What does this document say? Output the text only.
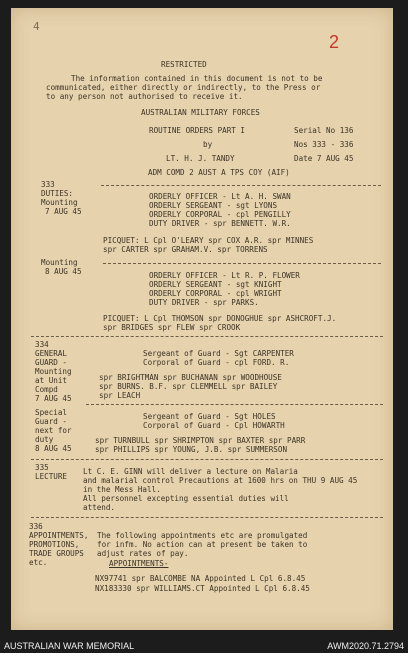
4
2
RESTRICTED
The information contained in this document is not to be
communicated, either directly or indirectly, to the Press or
to any person not authorised to receive it.
AUSTRALIAN MILITARY FORCES
ROUTINE ORDERS PART I	Serial No 136
by	Nos 333 - 336
LT. H. J. TANDY	Date 7 AUG 45
ADM COMD 2 AUST A TPS COY (AIF)
333
DUTIES:
Mounting
7 AUG 45
ORDERLY OFFICER - Lt A. H. SWAN
ORDERLY SERGEANT - sgt LYONS
ORDERLY CORPORAL - cpl PENGILLY
DUTY DRIVER - spr BENNETT. W.R.
PICQUET: L Cpl O'LEARY spr COX A.R. spr MINNES
spr CARTER spr GRAHAM.V. spr TORRENS
Mounting
8 AUG 45	ORDERLY OFFICER - Lt R. P. FLOWER
ORDERLY SERGEANT - sgt KNIGHT
ORDERLY CORPORAL - cpl WRIGHT
DUTY DRIVER - spr PARKS.
PICQUET: L Cpl THOMSON spr DONOGHUE spr ASHCROFT.J.
spr BRIDGES spr FLEW spr CROOK
334
GENERAL
GUARD -
Mounting
at Unit
Compd
7 AUG 45
Sergeant of Guard - Sgt CARPENTER
Corporal of Guard - cpl FORD. R.
spr BRIGHTMAN spr BUCHANAN spr WOODHOUSE
spr BURNS. B.F. spr CLEMMELL spr BAILEY
spr LEACH
Special
Guard -
next for
duty
8 AUG 45
Sergeant of Guard - Sgt HOLES
Corporal of Guard - Cpl HOWARTH
spr TURNBULL spr SHRIMPTON spr BAXTER spr PARR
spr PHILLIPS spr YOUNG, J.B. spr SUMMERSON
335
LECTURE
Lt C. E. GINN will deliver a lecture on Malaria
and malarial control Precautions at 1600 hrs on THU 9 AUG 45
in the Mess Hall.
All personnel excepting essential duties will
attend.
336
APPOINTMENTS,
PROMOTIONS,
TRADE GROUPS
etc.
The following appointments etc are promulgated
for infm. No action can at present be taken to
adjust rates of pay.
APPOINTMENTS-
NX97741 spr BALCOMBE NA Appointed L Cpl 6.8.45
NX183330 spr WILLIAMS.CT Appointed L Cpl 6.8.45
AUSTRALIAN WAR MEMORIAL	AWM2020.71.2794
